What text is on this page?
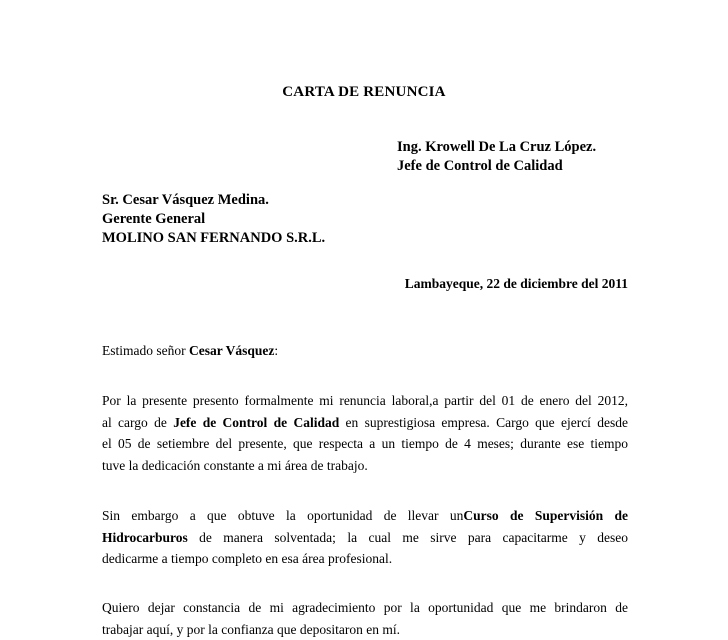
CARTA DE RENUNCIA
Ing. Krowell De La Cruz López.
Jefe de Control de Calidad
Sr. Cesar Vásquez Medina.
Gerente General
MOLINO SAN FERNANDO S.R.L.
Lambayeque, 22 de diciembre del 2011
Estimado señor Cesar Vásquez:
Por la presente presento formalmente mi renuncia laboral,a partir del 01 de enero del 2012,
al cargo de Jefe de Control de Calidad en suprestigiosa empresa. Cargo que ejercí desde
el 05 de setiembre del presente, que respecta a un tiempo de 4 meses; durante ese tiempo
tuve la dedicación constante a mi área de trabajo.
Sin embargo a que obtuve la oportunidad de llevar unCurso de Supervisión de
Hidrocarburos de manera solventada; la cual me sirve para capacitarme y deseo
dedicarme a tiempo completo en esa área profesional.
Quiero dejar constancia de mi agradecimiento por la oportunidad que me brindaron de
trabajar aquí, y por la confianza que depositaron en mí.
